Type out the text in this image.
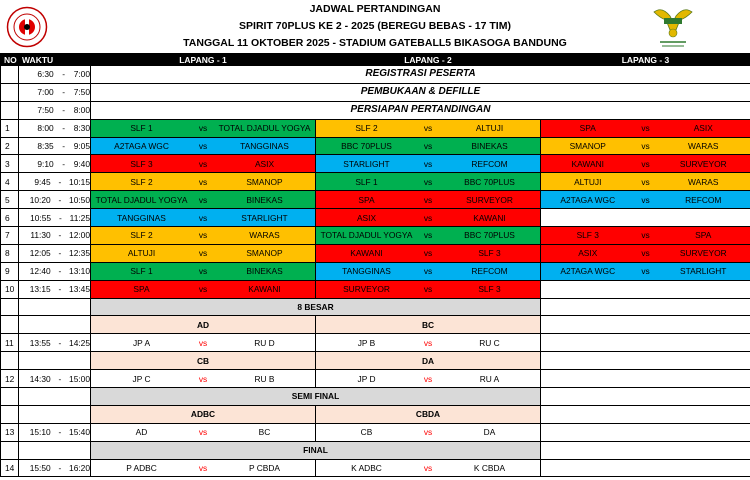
JADWAL PERTANDINGAN
SPIRIT 70PLUS KE 2 - 2025 (BEREGU BEBAS - 17 TIM)
TANGGAL 11 OKTOBER 2025 - STADIUM GATEBALL5 BIKASOGA BANDUNG
NO	WAKTU	LAPANG - 1	LAPANG - 2	LAPANG - 3

	6:30 - 7:00	REGISTRASI PESERTA		

	7:00 - 7:50	PEMBUKAAN & DEFILLE		

	7:50 - 8:00	PERSIAPAN PERTANDINGAN		
1	8:00 - 8:30	SLF 1 vs TOTAL DJADUL YOGYA	SLF 2 vs ALTUJI	SPA vs ASIX

2	8:35 - 9:05	A2TAGA WGC vs TANGGINAS	BBC 70PLUS vs BINEKAS	SMANOP vs WARAS

3	9:10 - 9:40	SLF 3 vs ASIX	STARLIGHT vs REFCOM	KAWANI vs SURVEYOR

4	9:45 - 10:15	SLF 2 vs SMANOP	SLF 1 vs BBC 70PLUS	ALTUJI vs WARAS

5	10:20 - 10:50	TOTAL DJADUL YOGYA vs BINEKAS	SPA vs SURVEYOR	A2TAGA WGC vs REFCOM

6	10:55 - 11:25	TANGGINAS vs STARLIGHT	ASIX vs KAWANI	

7	11:30 - 12:00	SLF 2 vs WARAS	TOTAL DJADUL YOGYA vs BBC 70PLUS	SLF 3 vs SPA

8	12:05 - 12:35	ALTUJI vs SMANOP	KAWANI vs SLF 3	ASIX vs SURVEYOR

9	12:40 - 13:10	SLF 1 vs BINEKAS	TANGGINAS vs REFCOM	A2TAGA WGC vs STARLIGHT

10	13:15 - 13:45	SPA vs KAWANI	SURVEYOR vs SLF 3	

		8 BESAR		
		AD	BC	
11	13:55 - 14:25	JP A vs RU D	JP B vs RU C	

		CB	DA	
12	14:30 - 15:00	JP C vs RU B	JP D vs RU A	

		SEMI FINAL		
		ADBC	CBDA	
13	15:10 - 15:40	AD vs BC	CB vs DA	

		FINAL		
14	15:50 - 16:20	P ADBC vs P CBDA	K ADBC vs K CBDA	
